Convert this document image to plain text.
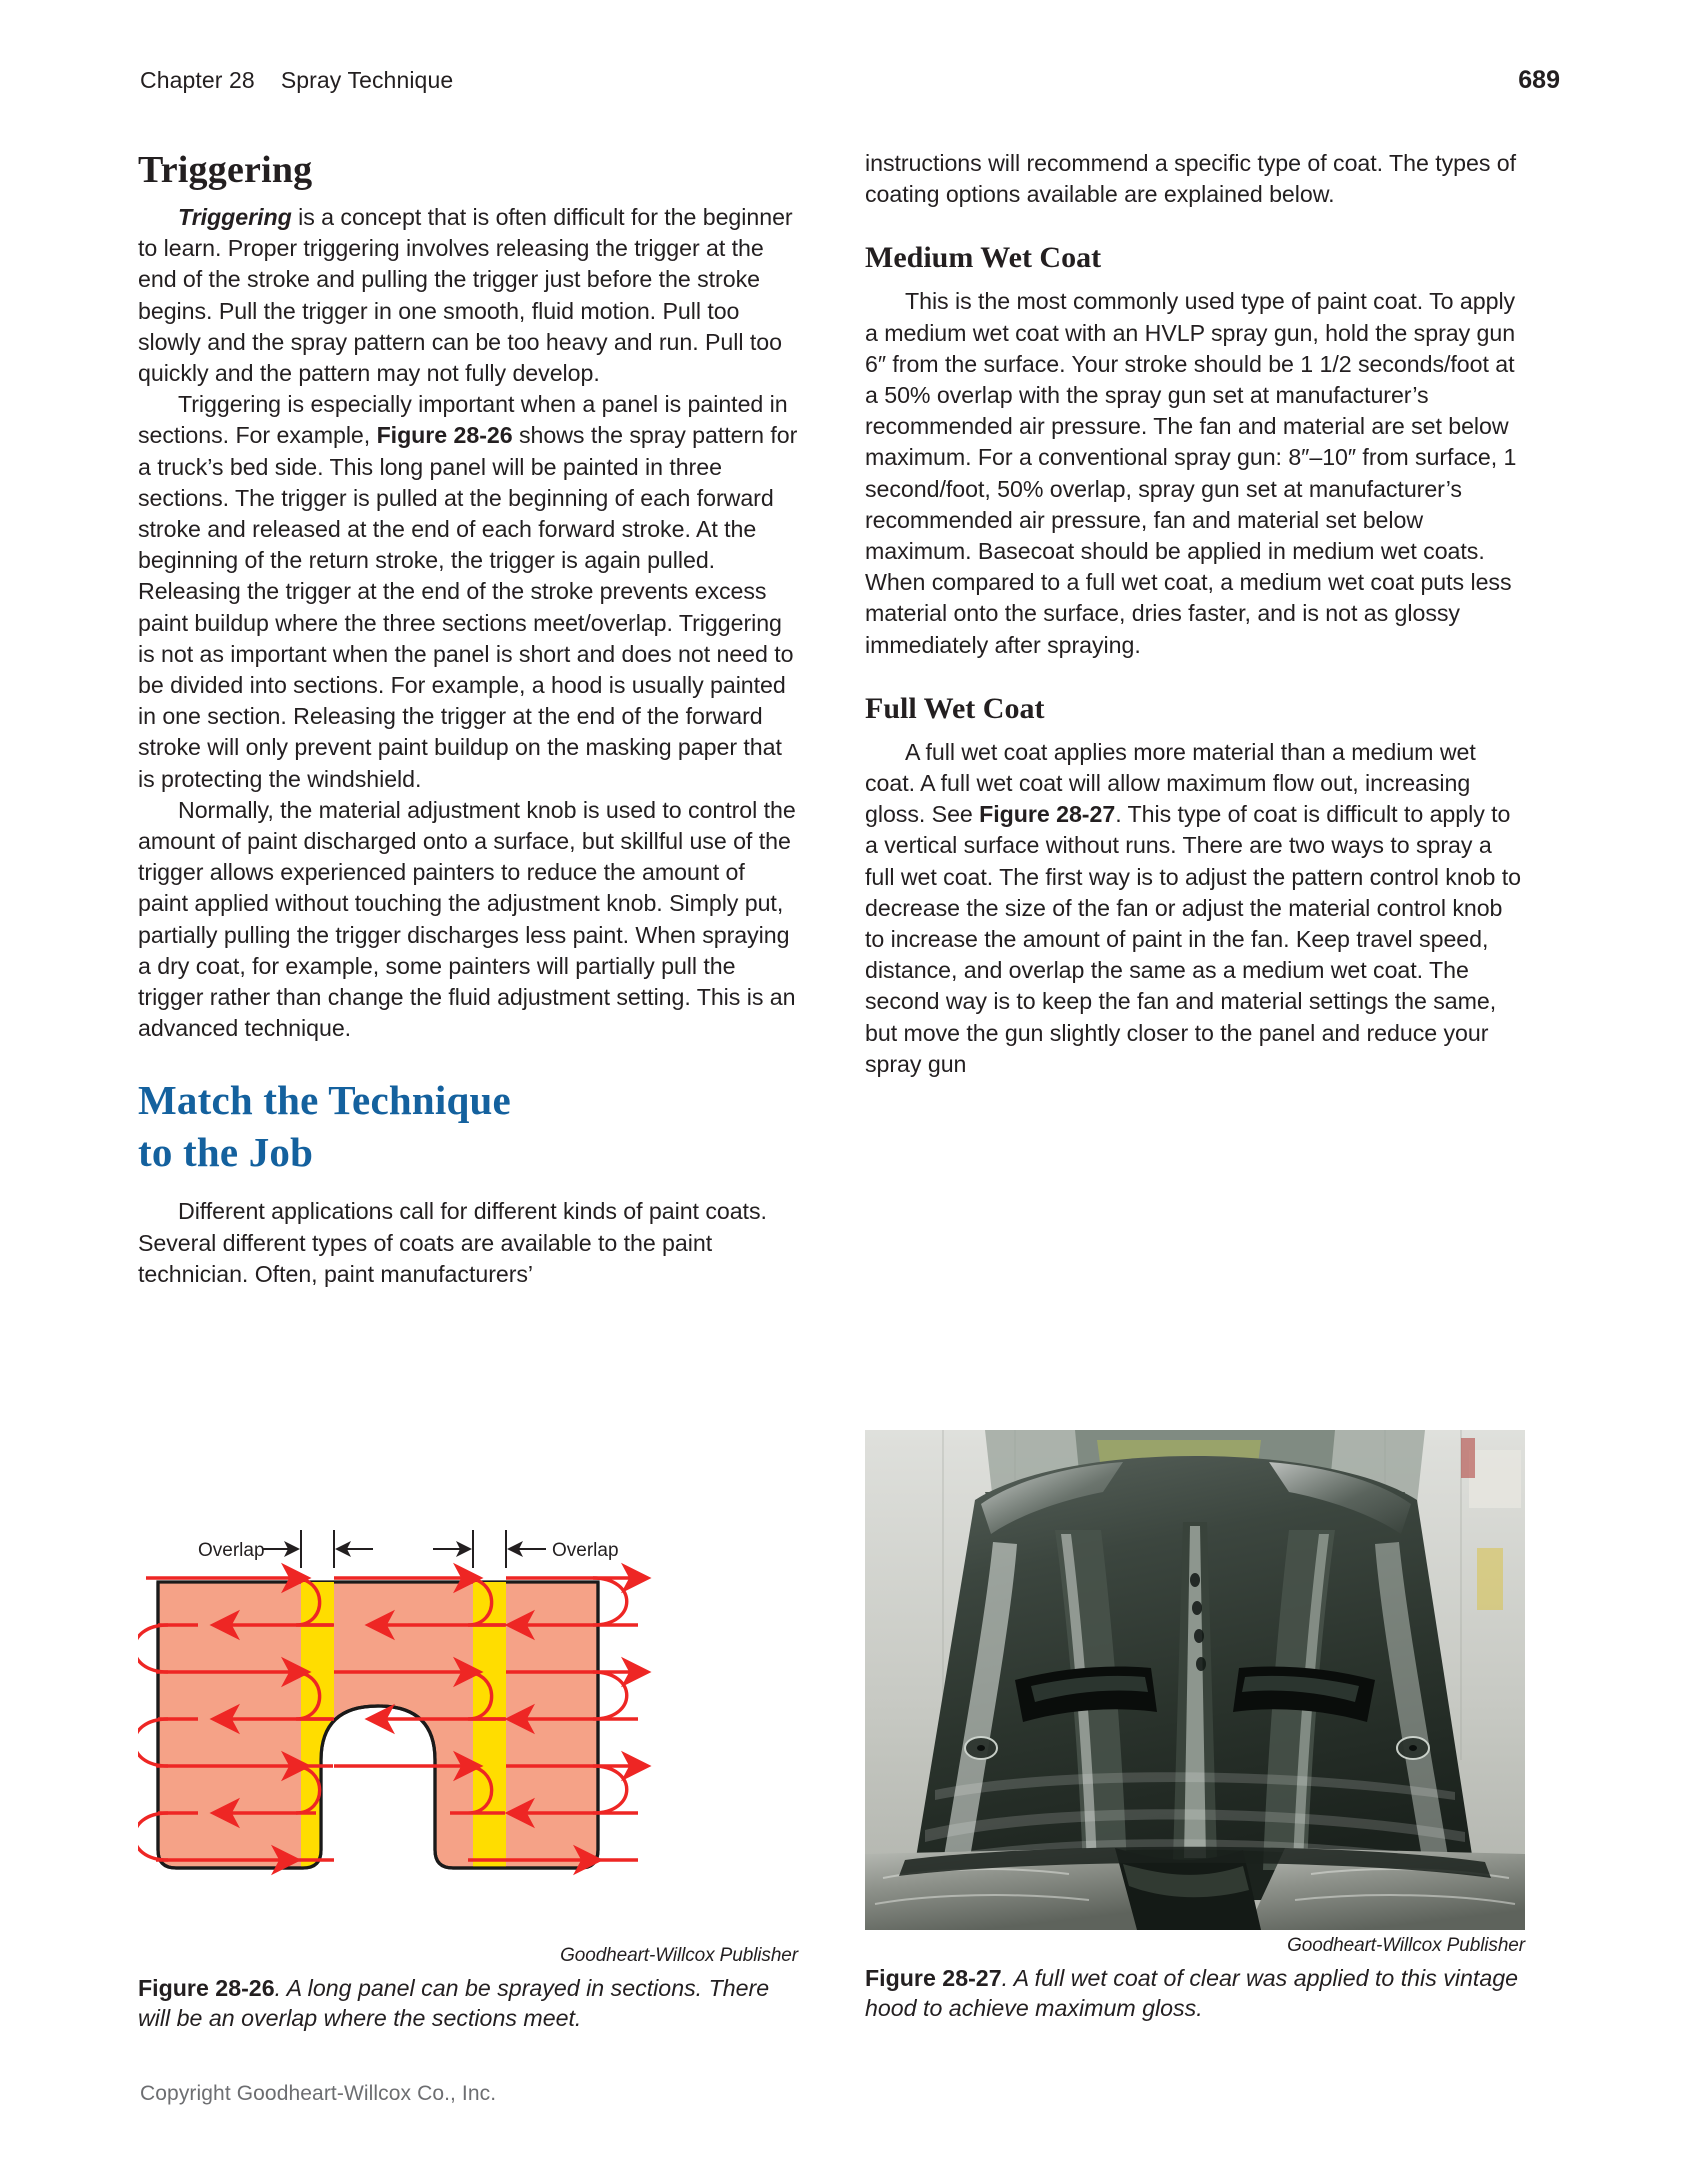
Chapter 28 Spray Technique	689
Triggering

Triggering is a concept that is often difficult for the beginner to learn. Proper triggering involves releasing the trigger at the end of the stroke and pulling the trigger just before the stroke begins. Pull the trigger in one smooth, fluid motion. Pull too slowly and the spray pattern can be too heavy and run. Pull too quickly and the pattern may not fully develop.

Triggering is especially important when a panel is painted in sections. For example, Figure 28-26 shows the spray pattern for a truck’s bed side. This long panel will be painted in three sections. The trigger is pulled at the beginning of each forward stroke and released at the end of each forward stroke. At the beginning of the return stroke, the trigger is again pulled. Releasing the trigger at the end of the stroke prevents excess paint buildup where the three sections meet/overlap. Triggering is not as important when the panel is short and does not need to be divided into sections. For example, a hood is usually painted in one section. Releasing the trigger at the end of the forward stroke will only prevent paint buildup on the masking paper that is protecting the windshield.

Normally, the material adjustment knob is used to control the amount of paint discharged onto a surface, but skillful use of the trigger allows experienced painters to reduce the amount of paint applied without touching the adjustment knob. Simply put, partially pulling the trigger discharges less paint. When spraying a dry coat, for example, some painters will partially pull the trigger rather than change the fluid adjustment setting. This is an advanced technique.

Match the Technique
to the Job

Different applications call for different kinds of paint coats. Several different types of coats are available to the paint technician. Often, paint manufacturers’

instructions will recommend a specific type of coat. The types of coating options available are explained below.

Medium Wet Coat

This is the most commonly used type of paint coat. To apply a medium wet coat with an HVLP spray gun, hold the spray gun 6″ from the surface. Your stroke should be 1 1/2 seconds/foot at a 50% overlap with the spray gun set at manufacturer’s recommended air pressure. The fan and material are set below maximum. For a conventional spray gun: 8″–10″ from surface, 1 second/foot, 50% overlap, spray gun set at manufacturer’s recommended air pressure, fan and material set below maximum. Basecoat should be applied in medium wet coats. When compared to a full wet coat, a medium wet coat puts less material onto the surface, dries faster, and is not as glossy immediately after spraying.

Full Wet Coat

A full wet coat applies more material than a medium wet coat. A full wet coat will allow maximum flow out, increasing gloss. See Figure 28-27. This type of coat is difficult to apply to a vertical surface without runs. There are two ways to spray a full wet coat. The first way is to adjust the pattern control knob to decrease the size of the fan or adjust the material control knob to increase the amount of paint in the fan. Keep travel speed, distance, and overlap the same as a medium wet coat. The second way is to keep the fan and material settings the same, but move the gun slightly closer to the panel and reduce your spray gun

Overlap	Overlap
Goodheart-Willcox Publisher
Figure 28-26. A long panel can be sprayed in sections. There will be an overlap where the sections meet.
Goodheart-Willcox Publisher
Figure 28-27. A full wet coat of clear was applied to this vintage hood to achieve maximum gloss.
Copyright Goodheart-Willcox Co., Inc.
